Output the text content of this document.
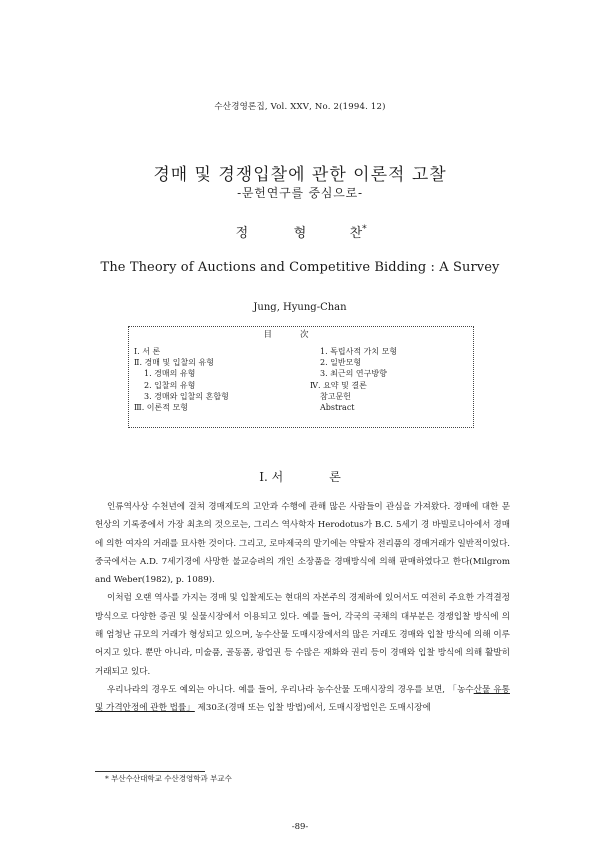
수산경영론집, Vol. ⅩⅩⅤ, No. 2(1994. 12)
경매 및 경쟁입찰에 관한 이론적 고찰
-문헌연구를 중심으로-
정	형	찬*
The Theory of Auctions and Competitive Bidding : A Survey
Jung, Hyung-Chan
目次
Ⅰ. 서 론
Ⅱ. 경매 및 입찰의 유형
1. 경매의 유형
2. 입찰의 유형
3. 경매와 입찰의 혼합형
Ⅲ. 이론적 모형
1. 독립사적 가치 모형
2. 일반모형
3. 최근의 연구방향
Ⅳ. 요약 및 결론
참고문헌
Abstract
Ⅰ. 서	론

인류역사상 수천년에 걸쳐 경매제도의 고안과 수행에 관해 많은 사람들이 관심을 가져왔다. 경매에 대한 문헌상의 기록중에서 가장 최초의 것으로는, 그리스 역사학자 Herodotus가 B.C. 5세기 경 바빌로니아에서 경매에 의한 여자의 거래를 묘사한 것이다. 그리고, 로마제국의 말기에는 약탈자 전리품의 경매거래가 일반적이었다. 중국에서는 A.D. 7세기경에 사망한 불교승려의 개인 소장품을 경매방식에 의해 판매하였다고 한다(Milgrom and Weber(1982), p. 1089).

이처럼 오랜 역사를 가지는 경매 및 입찰제도는 현대의 자본주의 경제하에 있어서도 여전히 주요한 가격결정 방식으로 다양한 증권 및 실물시장에서 이용되고 있다. 예를 들어, 각국의 국채의 대부분은 경쟁입찰 방식에 의해 엄청난 규모의 거래가 형성되고 있으며, 농수산물 도매시장에서의 많은 거래도 경매와 입찰 방식에 의해 이루어지고 있다. 뿐만 아니라, 미술품, 골동품, 광업권 등 수많은 재화와 권리 등이 경매와 입찰 방식에 의해 활발히 거래되고 있다.

우리나라의 경우도 예외는 아니다. 예를 들어, 우리나라 농수산물 도매시장의 경우를 보면, 「농수산물 유통 및 가격안정에 관한 법률」 제30조(경매 또는 입찰 방법)에서, 도매시장법인은 도매시장에

* 부산수산대학교 수산경영학과 부교수
-89-
